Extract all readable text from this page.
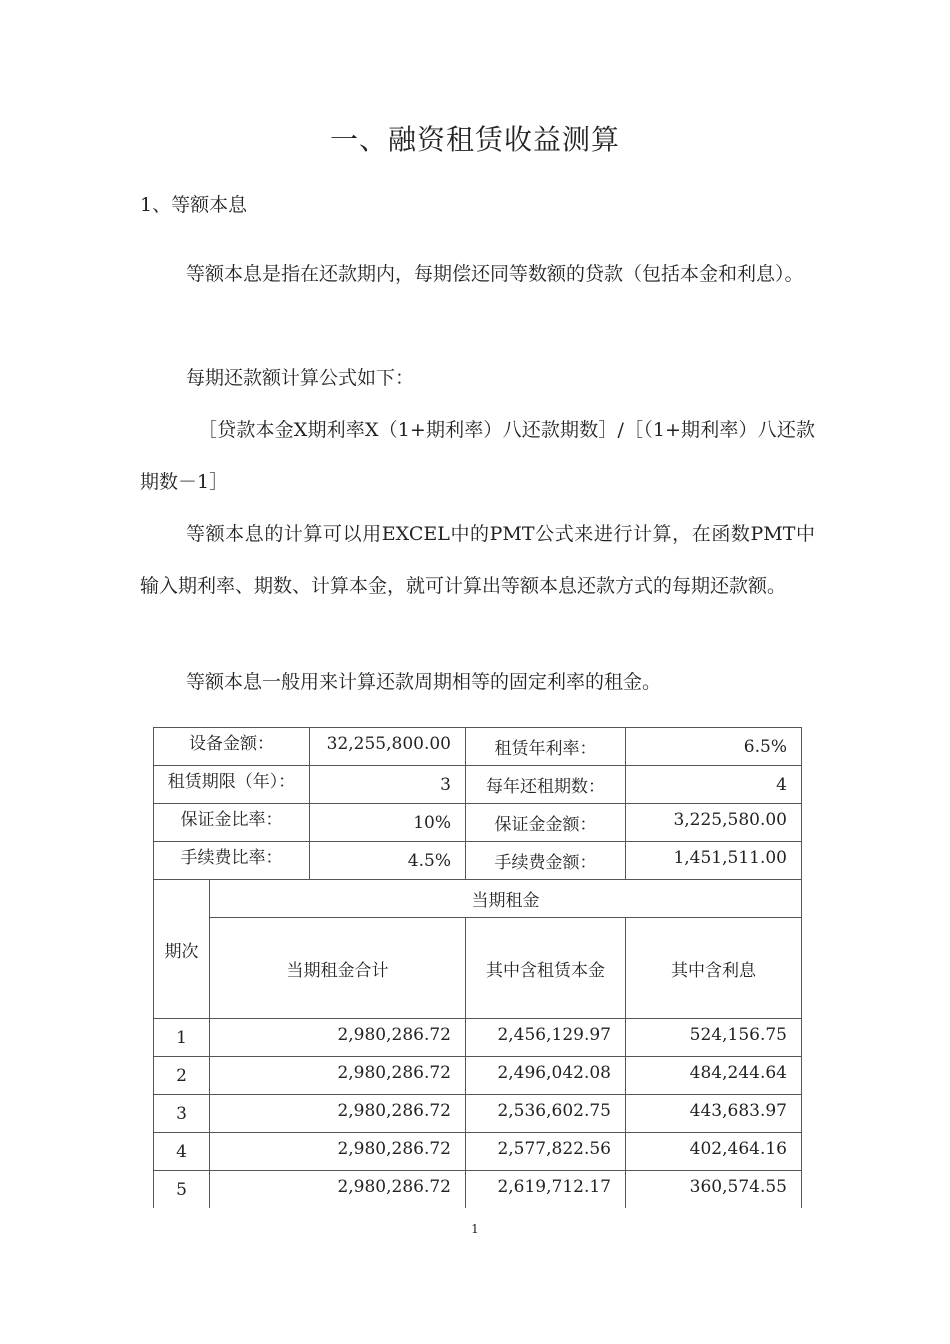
一、融资租赁收益测算
1、等额本息

等额本息是指在还款期内，每期偿还同等数额的贷款（包括本金和利息）。

每期还款额计算公式如下：

［贷款本金X期利率X（1+期利率）八还款期数］/［（1+期利率）八还款期数－1］

等额本息的计算可以用EXCEL中的PMT公式来进行计算，在函数PMT中输入期利率、期数、计算本金，就可计算出等额本息还款方式的每期还款额。

等额本息一般用来计算还款周期相等的固定利率的租金。

设备金额：		32,255,800.00	租赁年利率：	6.5%	
租赁期限（年）：		3	每年还租期数：	4	
保证金比率：		10%	保证金金额：	3,225,580.00	
手续费比率：		4.5%	手续费金额：	1,451,511.00	
期次	当期租金				
	当期租金合计		其中含租赁本金	其中含利息	
1	2,980,286.72		2,456,129.97	524,156.75	
2	2,980,286.72		2,496,042.08	484,244.64	
3	2,980,286.72		2,536,602.75	443,683.97	
4	2,980,286.72		2,577,822.56	402,464.16	
5	2,980,286.72		2,619,712.17	360,574.55	
1
